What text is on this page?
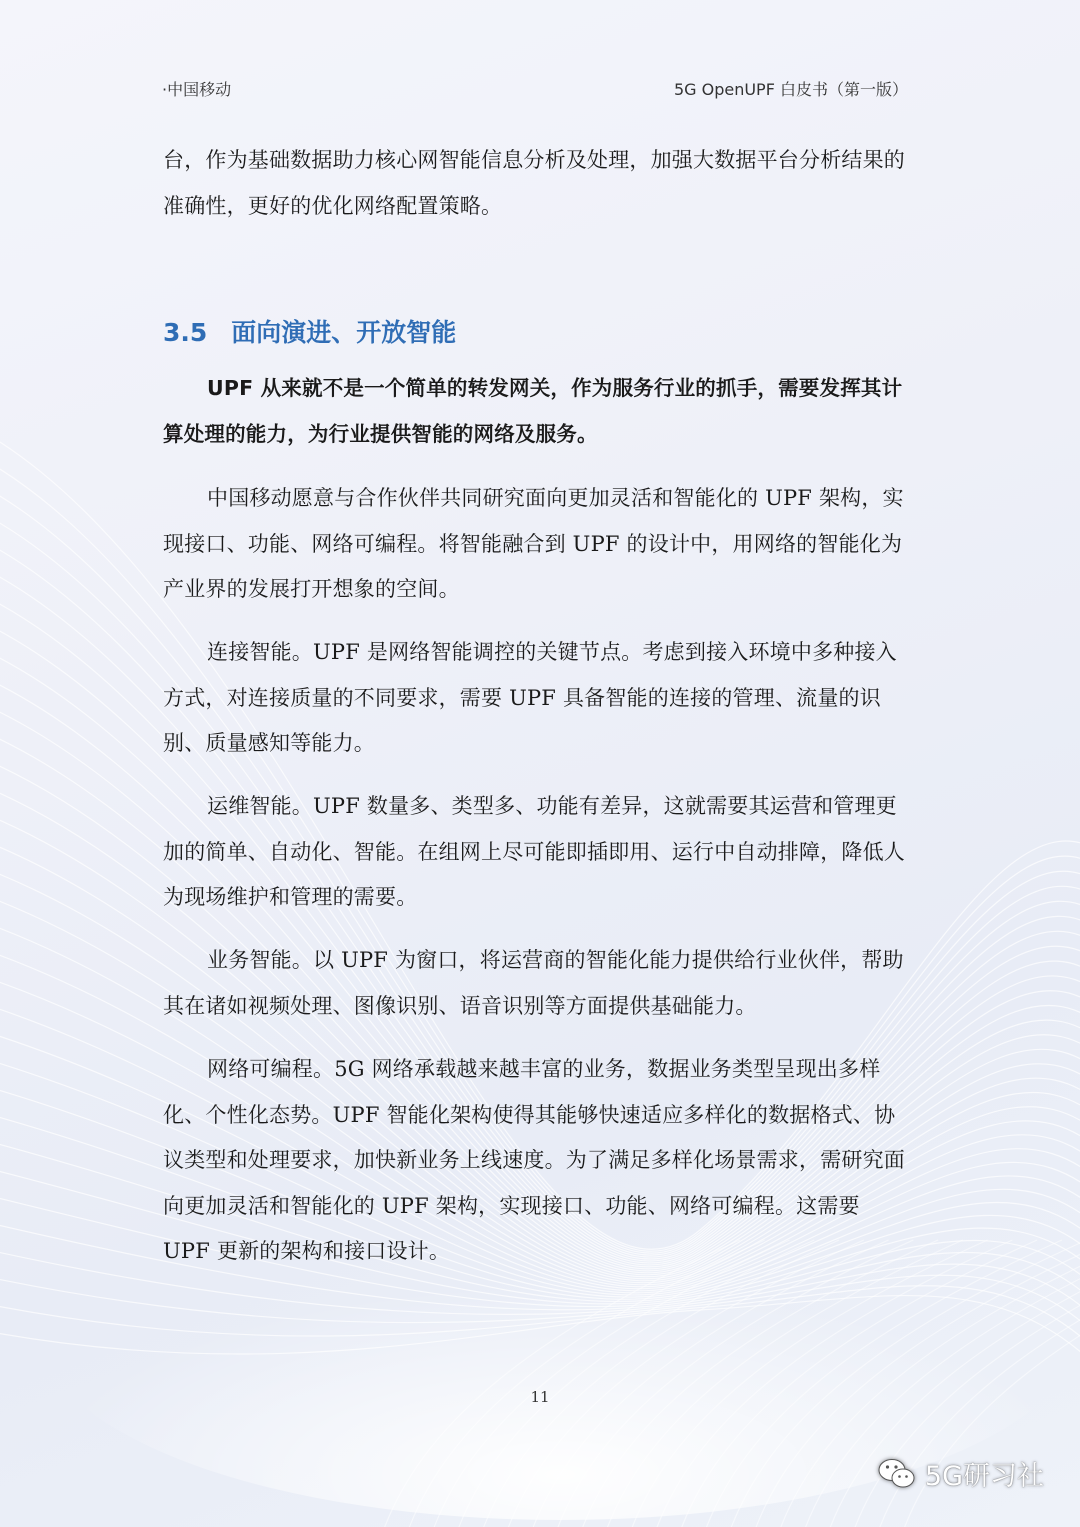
·中国移动	5G OpenUPF 白皮书（第一版）

台，作为基础数据助力核心网智能信息分析及处理，加强大数据平台分析结果的准确性，更好的优化网络配置策略。

3.5 面向演进、开放智能

UPF 从来就不是一个简单的转发网关，作为服务行业的抓手，需要发挥其计算处理的能力，为行业提供智能的网络及服务。

中国移动愿意与合作伙伴共同研究面向更加灵活和智能化的 UPF 架构，实现接口、功能、网络可编程。将智能融合到 UPF 的设计中，用网络的智能化为产业界的发展打开想象的空间。

连接智能。UPF 是网络智能调控的关键节点。考虑到接入环境中多种接入方式，对连接质量的不同要求，需要 UPF 具备智能的连接的管理、流量的识别、质量感知等能力。

运维智能。UPF 数量多、类型多、功能有差异，这就需要其运营和管理更加的简单、自动化、智能。在组网上尽可能即插即用、运行中自动排障，降低人为现场维护和管理的需要。

业务智能。以 UPF 为窗口，将运营商的智能化能力提供给行业伙伴，帮助其在诸如视频处理、图像识别、语音识别等方面提供基础能力。

网络可编程。5G 网络承载越来越丰富的业务，数据业务类型呈现出多样化、个性化态势。UPF 智能化架构使得其能够快速适应多样化的数据格式、协议类型和处理要求，加快新业务上线速度。为了满足多样化场景需求，需研究面向更加灵活和智能化的 UPF 架构，实现接口、功能、网络可编程。这需要 UPF 更新的架构和接口设计。

11
5G研习社
